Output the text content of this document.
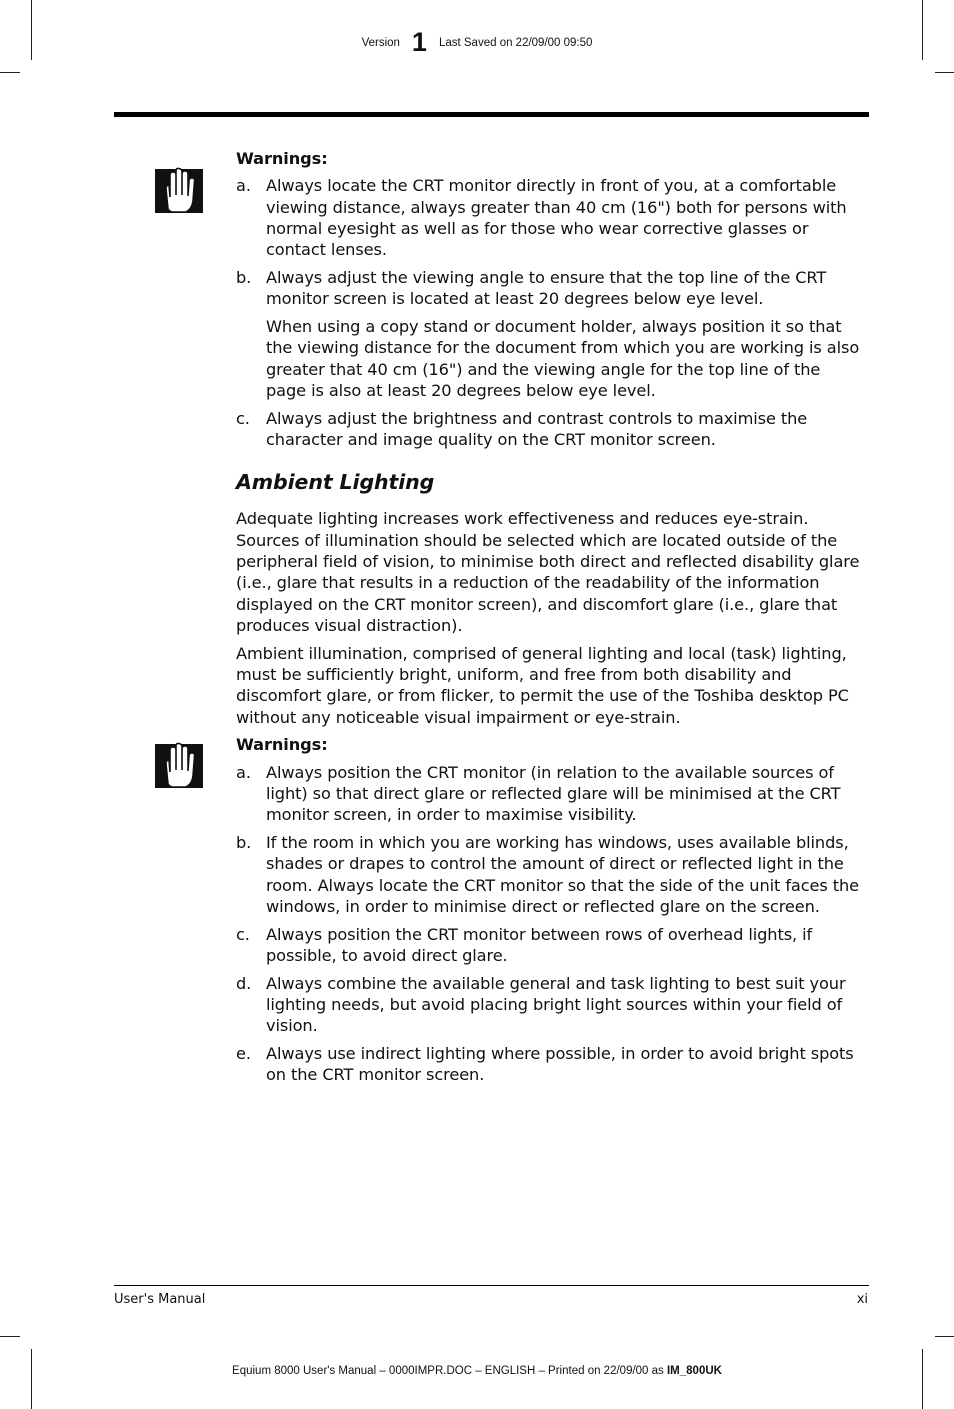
Version 1 Last Saved on 22/09/00 09:50
Warnings:
a. Always locate the CRT monitor directly in front of you, at a comfortable viewing distance, always greater than 40 cm (16") both for persons with normal eyesight as well as for those who wear corrective glasses or contact lenses.
b. Always adjust the viewing angle to ensure that the top line of the CRT monitor screen is located at least 20 degrees below eye level.
When using a copy stand or document holder, always position it so that the viewing distance for the document from which you are working is also greater that 40 cm (16") and the viewing angle for the top line of the page is also at least 20 degrees below eye level.
c. Always adjust the brightness and contrast controls to maximise the character and image quality on the CRT monitor screen.
Ambient Lighting
Adequate lighting increases work effectiveness and reduces eye-strain. Sources of illumination should be selected which are located outside of the peripheral field of vision, to minimise both direct and reflected disability glare (i.e., glare that results in a reduction of the readability of the information displayed on the CRT monitor screen), and discomfort glare (i.e., glare that produces visual distraction).
Ambient illumination, comprised of general lighting and local (task) lighting, must be sufficiently bright, uniform, and free from both disability and discomfort glare, or from flicker, to permit the use of the Toshiba desktop PC without any noticeable visual impairment or eye-strain.
Warnings:
a. Always position the CRT monitor (in relation to the available sources of light) so that direct glare or reflected glare will be minimised at the CRT monitor screen, in order to maximise visibility.
b. If the room in which you are working has windows, uses available blinds, shades or drapes to control the amount of direct or reflected light in the room. Always locate the CRT monitor so that the side of the unit faces the windows, in order to minimise direct or reflected glare on the screen.
c. Always position the CRT monitor between rows of overhead lights, if possible, to avoid direct glare.
d. Always combine the available general and task lighting to best suit your lighting needs, but avoid placing bright light sources within your field of vision.
e. Always use indirect lighting where possible, in order to avoid bright spots on the CRT monitor screen.
User's Manual	xi
Equium 8000 User's Manual – 0000IMPR.DOC – ENGLISH – Printed on 22/09/00 as IM_800UK
